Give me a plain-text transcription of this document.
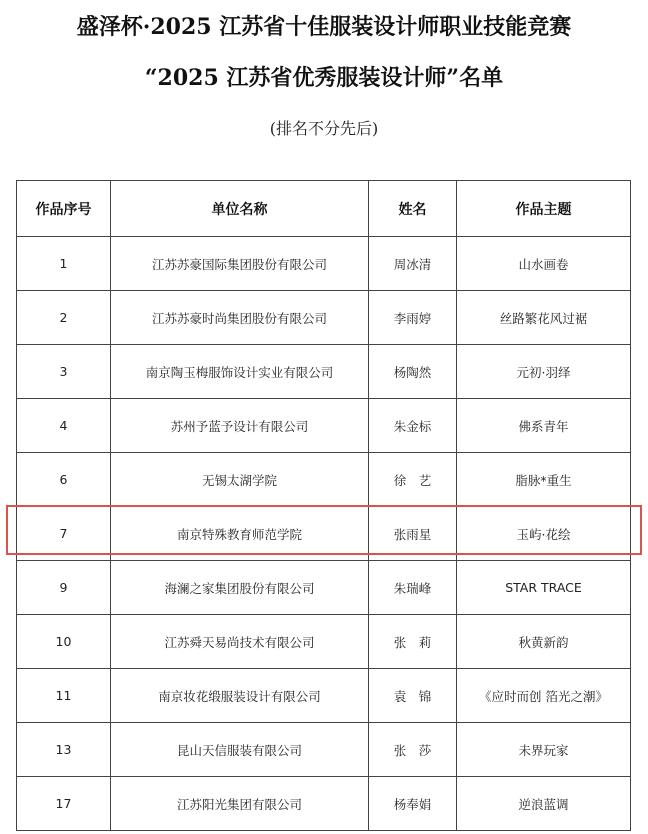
盛泽杯·2025 江苏省十佳服装设计师职业技能竞赛
“2025 江苏省优秀服装设计师”名单
(排名不分先后)
作品序号	单位名称	姓名	作品主题
1	江苏苏豪国际集团股份有限公司	周冰清	山水画卷
2	江苏苏豪时尚集团股份有限公司	李雨婷	丝路繁花风过裾
3	南京陶玉梅服饰设计实业有限公司	杨陶然	元初·羽绎
4	苏州予蓝予设计有限公司	朱金标	佛系青年
6	无锡太湖学院	徐　艺	脂脉*重生
7	南京特殊教育师范学院	张雨星	玉屿·花绘
9	海澜之家集团股份有限公司	朱瑞峰	STAR TRACE
10	江苏舜天易尚技术有限公司	张　莉	秋黄新韵
11	南京妆花缎服装设计有限公司	袁　锦	《应时而创 箔光之潮》
13	昆山天信服装有限公司	张　莎	未界玩家
17	江苏阳光集团有限公司	杨奉娟	逆浪蓝调
